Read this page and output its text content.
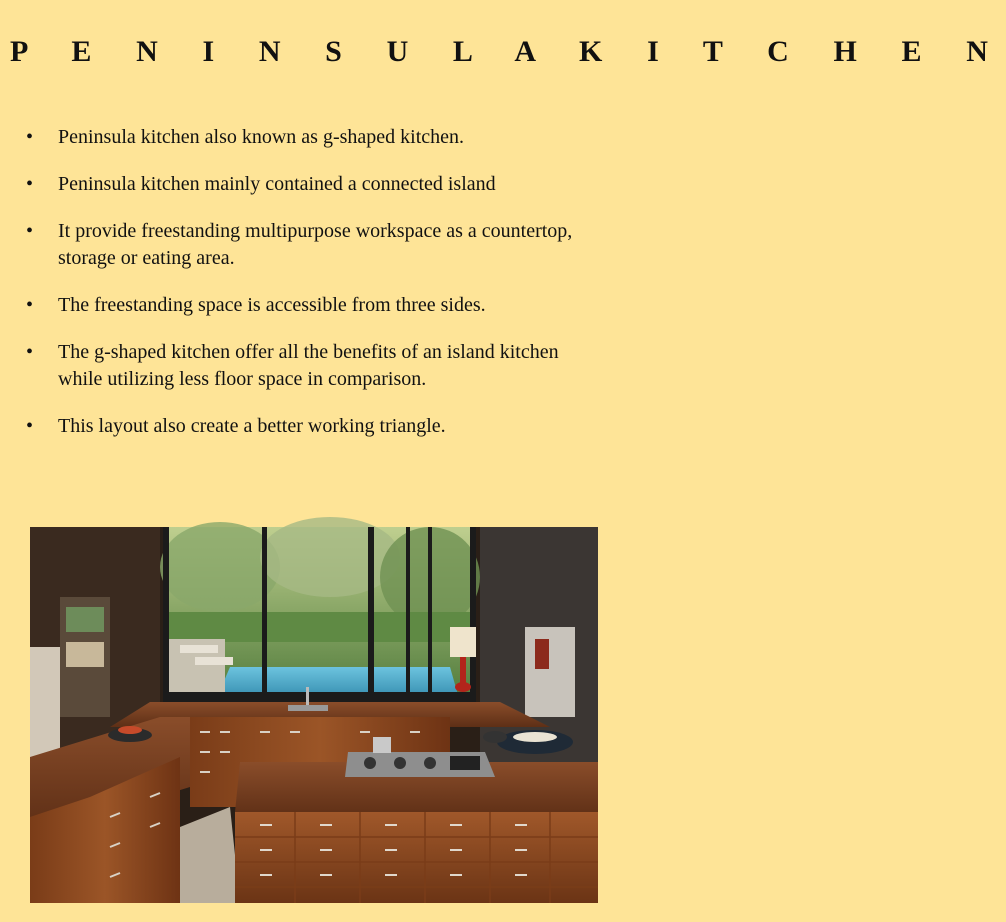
P E N I N S U L A K I T C H E N
•	Peninsula kitchen also known as g-shaped kitchen.
•	Peninsula kitchen mainly contained a connected island
•	It provide freestanding multipurpose workspace as a countertop, storage or eating area.
•	The freestanding space is accessible from three sides.
•	The g-shaped kitchen offer all the benefits of an island kitchen while utilizing less floor space in comparison.
•	This layout also create a better working triangle.
